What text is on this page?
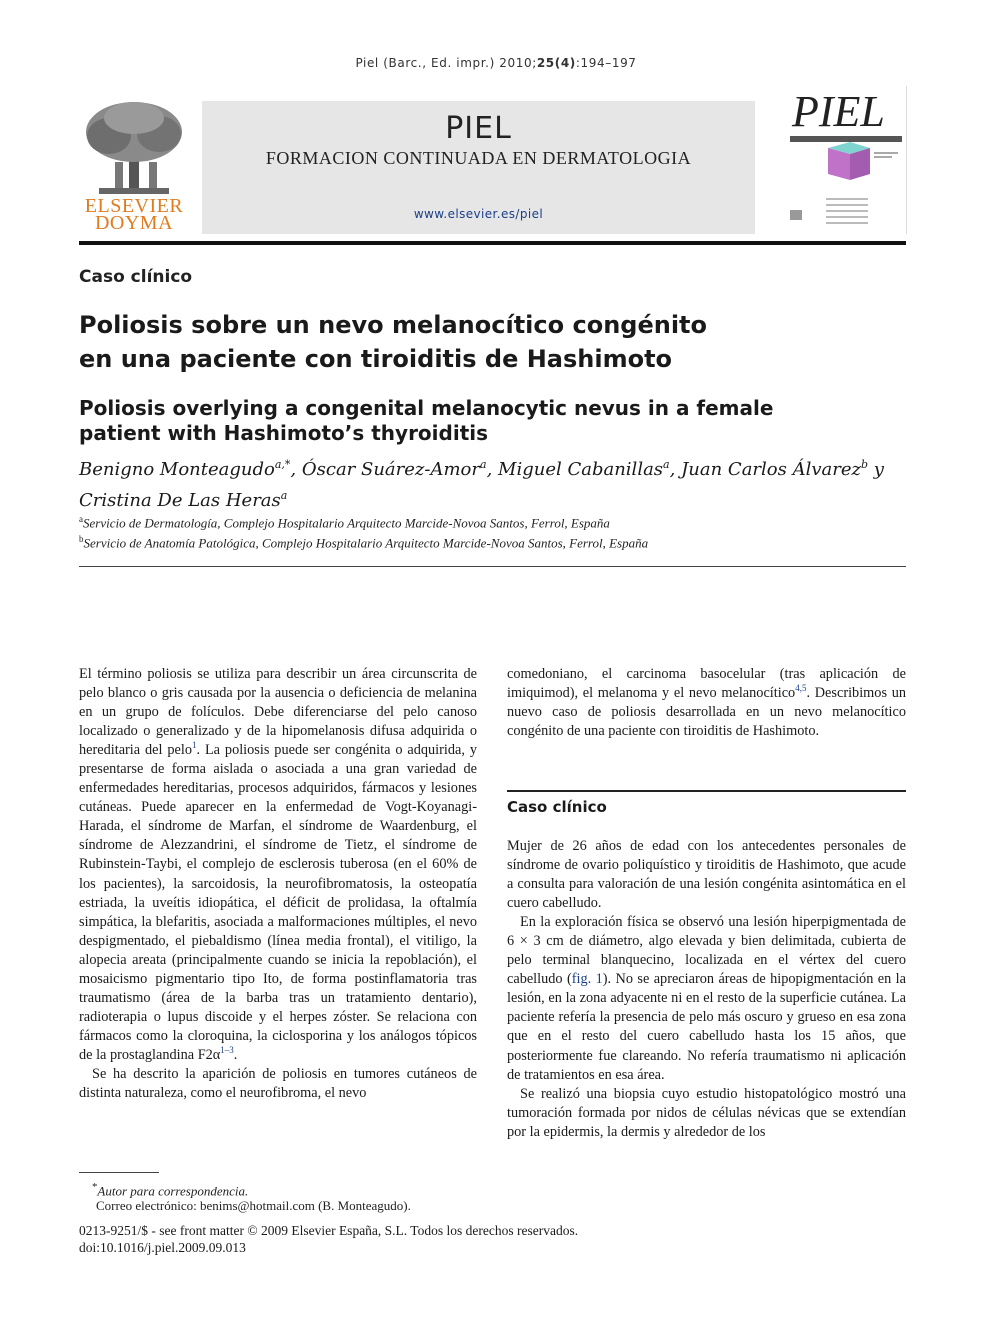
Piel (Barc., Ed. impr.) 2010;25(4):194–197
ELSEVIER
DOYMA
PIEL
FORMACION CONTINUADA EN DERMATOLOGIA
www.elsevier.es/piel
PIEL
Caso clínico
Poliosis sobre un nevo melanocítico congénito
en una paciente con tiroiditis de Hashimoto
Poliosis overlying a congenital melanocytic nevus in a female
patient with Hashimoto’s thyroiditis
Benigno Monteagudo$^{a,*}$, Óscar Suárez-Amor$^a$, Miguel Cabanillas$^a$, Juan Carlos Álvarez$^b$ y
Cristina De Las Heras$^a$
$^a$Servicio de Dermatología, Complejo Hospitalario Arquitecto Marcide-Novoa Santos, Ferrol, España
$^b$Servicio de Anatomía Patológica, Complejo Hospitalario Arquitecto Marcide-Novoa Santos, Ferrol, España

El término poliosis se utiliza para describir un área circunscrita de pelo blanco o gris causada por la ausencia o deficiencia de melanina en un grupo de folículos. Debe diferenciarse del pelo canoso localizado o generalizado y de la hipomelanosis difusa adquirida o hereditaria del pelo$^1$. La poliosis puede ser congénita o adquirida, y presentarse de forma aislada o asociada a una gran variedad de enfermedades hereditarias, procesos adquiridos, fármacos y lesiones cutáneas. Puede aparecer en la enfermedad de Vogt-Koyanagi-Harada, el síndrome de Marfan, el síndrome de Waardenburg, el síndrome de Alezzandrini, el síndrome de Tietz, el síndrome de Rubinstein-Taybi, el complejo de esclerosis tuberosa (en el 60% de los pacientes), la sarcoidosis, la neurofibromatosis, la osteopatía estriada, la uveítis idiopática, el déficit de prolidasa, la oftalmía simpática, la blefaritis, asociada a malformaciones múltiples, el nevo despigmentado, el piebaldismo (línea media frontal), el vitiligo, la alopecia areata (principalmente cuando se inicia la repoblación), el mosaicismo pigmentario tipo Ito, de forma postinflamatoria tras traumatismo (área de la barba tras un tratamiento dentario), radioterapia o lupus discoide y el herpes zóster. Se relaciona con fármacos como la cloroquina, la ciclosporina y los análogos tópicos de la prostaglandina F2α$^{1-3}$.

Se ha descrito la aparición de poliosis en tumores cutáneos de distinta naturaleza, como el neurofibroma, el nevo

comedoniano, el carcinoma basocelular (tras aplicación de imiquimod), el melanoma y el nevo melanocítico$^{4,5}$. Describimos un nuevo caso de poliosis desarrollada en un nevo melanocítico congénito de una paciente con tiroiditis de Hashimoto.

Caso clínico

Mujer de 26 años de edad con los antecedentes personales de síndrome de ovario poliquístico y tiroiditis de Hashimoto, que acude a consulta para valoración de una lesión congénita asintomática en el cuero cabelludo.

En la exploración física se observó una lesión hiperpigmentada de 6 × 3 cm de diámetro, algo elevada y bien delimitada, cubierta de pelo terminal blanquecino, localizada en el vértex del cuero cabelludo (fig. 1). No se apreciaron áreas de hipopigmentación en la lesión, en la zona adyacente ni en el resto de la superficie cutánea. La paciente refería la presencia de pelo más oscuro y grueso en esa zona que en el resto del cuero cabelludo hasta los 15 años, que posteriormente fue clareando. No refería traumatismo ni aplicación de tratamientos en esa área.

Se realizó una biopsia cuyo estudio histopatológico mostró una tumoración formada por nidos de células névicas que se extendían por la epidermis, la dermis y alrededor de los

*Autor para correspondencia.
Correo electrónico: benims@hotmail.com (B. Monteagudo).
0213-9251/$ - see front matter © 2009 Elsevier España, S.L. Todos los derechos reservados.
doi:10.1016/j.piel.2009.09.013
